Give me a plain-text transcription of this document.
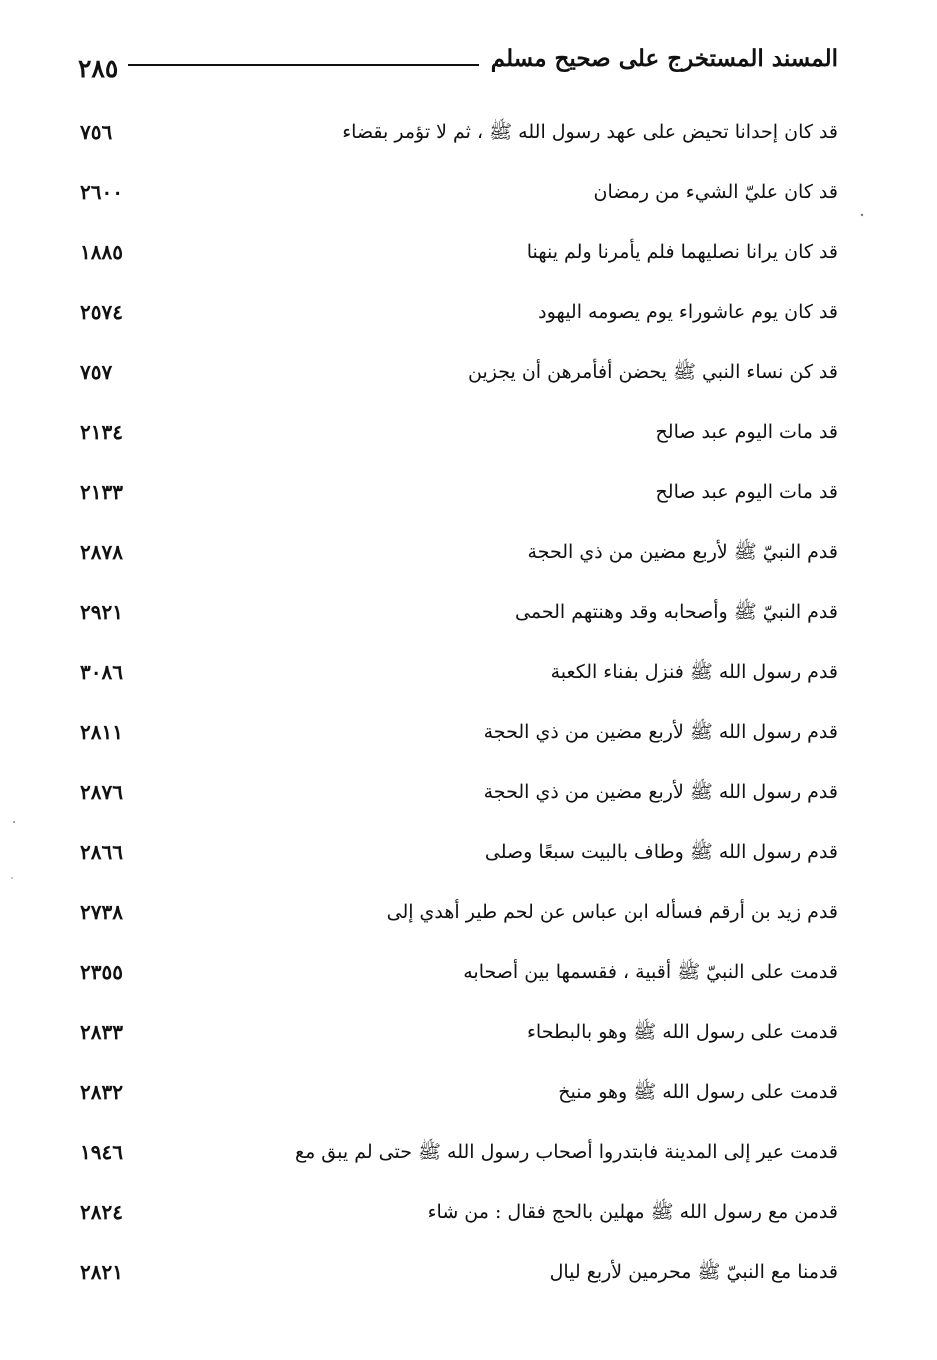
المسند المستخرج على صحيح مسلم
٢٨٥
قد كان إحدانا تحيض على عهد رسول الله ﷺ ، ثم لا تؤمر بقضاء
٧٥٦
قد كان عليّ الشيء من رمضان
٢٦٠٠
قد كان يرانا نصليهما فلم يأمرنا ولم ينهنا
١٨٨٥
قد كان يوم عاشوراء يوم يصومه اليهود
٢٥٧٤
قد كن نساء النبي ﷺ يحضن أفأمرهن أن يجزين
٧٥٧
قد مات اليوم عبد صالح
٢١٣٤
قد مات اليوم عبد صالح
٢١٣٣
قدم النبيّ ﷺ لأربع مضين من ذي الحجة
٢٨٧٨
قدم النبيّ ﷺ وأصحابه وقد وهنتهم الحمى
٢٩٢١
قدم رسول الله ﷺ فنزل بفناء الكعبة
٣٠٨٦
قدم رسول الله ﷺ لأربع مضين من ذي الحجة
٢٨١١
قدم رسول الله ﷺ لأربع مضين من ذي الحجة
٢٨٧٦
قدم رسول الله ﷺ وطاف بالبيت سبعًا وصلى
٢٨٦٦
قدم زيد بن أرقم فسأله ابن عباس عن لحم طير أهدي إلى
٢٧٣٨
قدمت على النبيّ ﷺ أقبية ، فقسمها بين أصحابه
٢٣٥٥
قدمت على رسول الله ﷺ وهو بالبطحاء
٢٨٣٣
قدمت على رسول الله ﷺ وهو منيخ
٢٨٣٢
قدمت عير إلى المدينة فابتدروا أصحاب رسول الله ﷺ حتى لم يبق مع
١٩٤٦
قدمن مع رسول الله ﷺ مهلين بالحج فقال : من شاء
٢٨٢٤
قدمنا مع النبيّ ﷺ محرمين لأربع ليال
٢٨٢١
